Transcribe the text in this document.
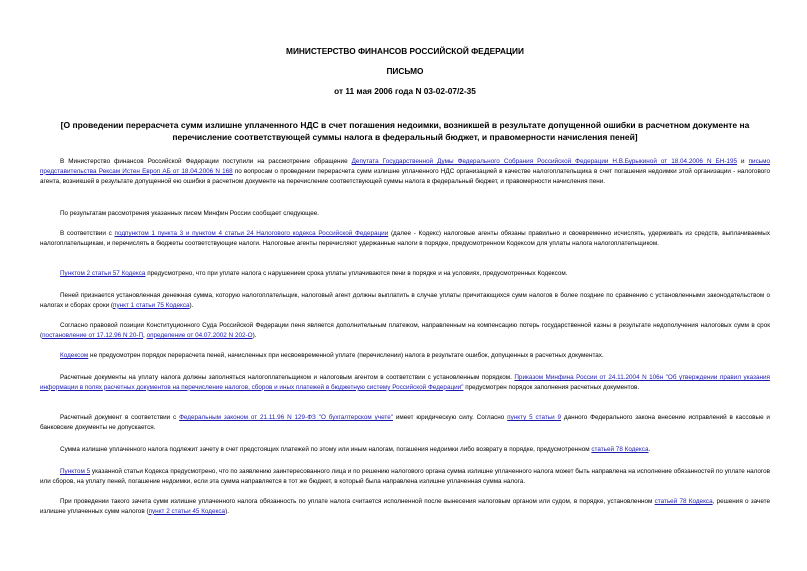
МИНИСТЕРСТВО ФИНАНСОВ РОССИЙСКОЙ ФЕДЕРАЦИИ
ПИСЬМО
от 11 мая 2006 года N 03-02-07/2-35
[О проведении перерасчета сумм излишне уплаченного НДС в счет погашения недоимки, возникшей в результате допущенной ошибки в расчетном документе на перечисление соответствующей суммы налога в федеральный бюджет, и правомерности начисления пеней]

В Министерство финансов Российской Федерации поступили на рассмотрение обращение Депутата Государственной Думы Федерального Собрания Российской Федерации Н.В.Бурыкиной от 18.04.2006 N БН-195 и письмо представительства Рексам Истен Европ АБ от 18.04.2006 N 168 по вопросам о проведении перерасчета сумм излишне уплаченного НДС организацией в качестве налогоплательщика в счет погашения недоимки этой организации - налогового агента, возникшей в результате допущенной ею ошибки в расчетном документе на перечисление соответствующей суммы налога в федеральный бюджет, и правомерности начисления пени.

По результатам рассмотрения указанных писем Минфин России сообщает следующее.

В соответствии с подпунктом 1 пункта 3 и пунктом 4 статьи 24 Налогового кодекса Российской Федерации (далее - Кодекс) налоговые агенты обязаны правильно и своевременно исчислять, удерживать из средств, выплачиваемых налогоплательщикам, и перечислять в бюджеты соответствующие налоги. Налоговые агенты перечисляют удержанные налоги в порядке, предусмотренном Кодексом для уплаты налога налогоплательщиком.

Пунктом 2 статьи 57 Кодекса предусмотрено, что при уплате налога с нарушением срока уплаты уплачиваются пени в порядке и на условиях, предусмотренных Кодексом.

Пеней признается установленная денежная сумма, которую налогоплательщик, налоговый агент должны выплатить в случае уплаты причитающихся сумм налогов в более поздние по сравнению с установленными законодательством о налогах и сборах сроки (пункт 1 статьи 75 Кодекса).

Согласно правовой позиции Конституционного Суда Российской Федерации пеня является дополнительным платежом, направленным на компенсацию потерь государственной казны в результате недополучения налоговых сумм в срок (постановление от 17.12.96 N 20-П, определение от 04.07.2002 N 202-О).

Кодексом не предусмотрен порядок перерасчета пеней, начисленных при несвоевременной уплате (перечислении) налога в результате ошибок, допущенных в расчетных документах.

Расчетные документы на уплату налога должны заполняться налогоплательщиком и налоговым агентом в соответствии с установленным порядком. Приказом Минфина России от 24.11.2004 N 106н "Об утверждении правил указания информации в полях расчетных документов на перечисление налогов, сборов и иных платежей в бюджетную систему Российской Федерации" предусмотрен порядок заполнения расчетных документов.

Расчетный документ в соответствии с Федеральным законом от 21.11.96 N 129-ФЗ "О бухгалтерском учете" имеет юридическую силу. Согласно пункту 5 статьи 9 данного Федерального закона внесение исправлений в кассовые и банковские документы не допускается.

Сумма излишне уплаченного налога подлежит зачету в счет предстоящих платежей по этому или иным налогам, погашения недоимки либо возврату в порядке, предусмотренном статьей 78 Кодекса.

Пунктом 5 указанной статьи Кодекса предусмотрено, что по заявлению заинтересованного лица и по решению налогового органа сумма излишне уплаченного налога может быть направлена на исполнение обязанностей по уплате налогов или сборов, на уплату пеней, погашение недоимки, если эта сумма направляется в тот же бюджет, в который была направлена излишне уплаченная сумма налога.

При проведении такого зачета сумм излишне уплаченного налога обязанность по уплате налога считается исполненной после вынесения налоговым органом или судом, в порядке, установленном статьей 78 Кодекса, решения о зачете излишне уплаченных сумм налогов (пункт 2 статьи 45 Кодекса).
